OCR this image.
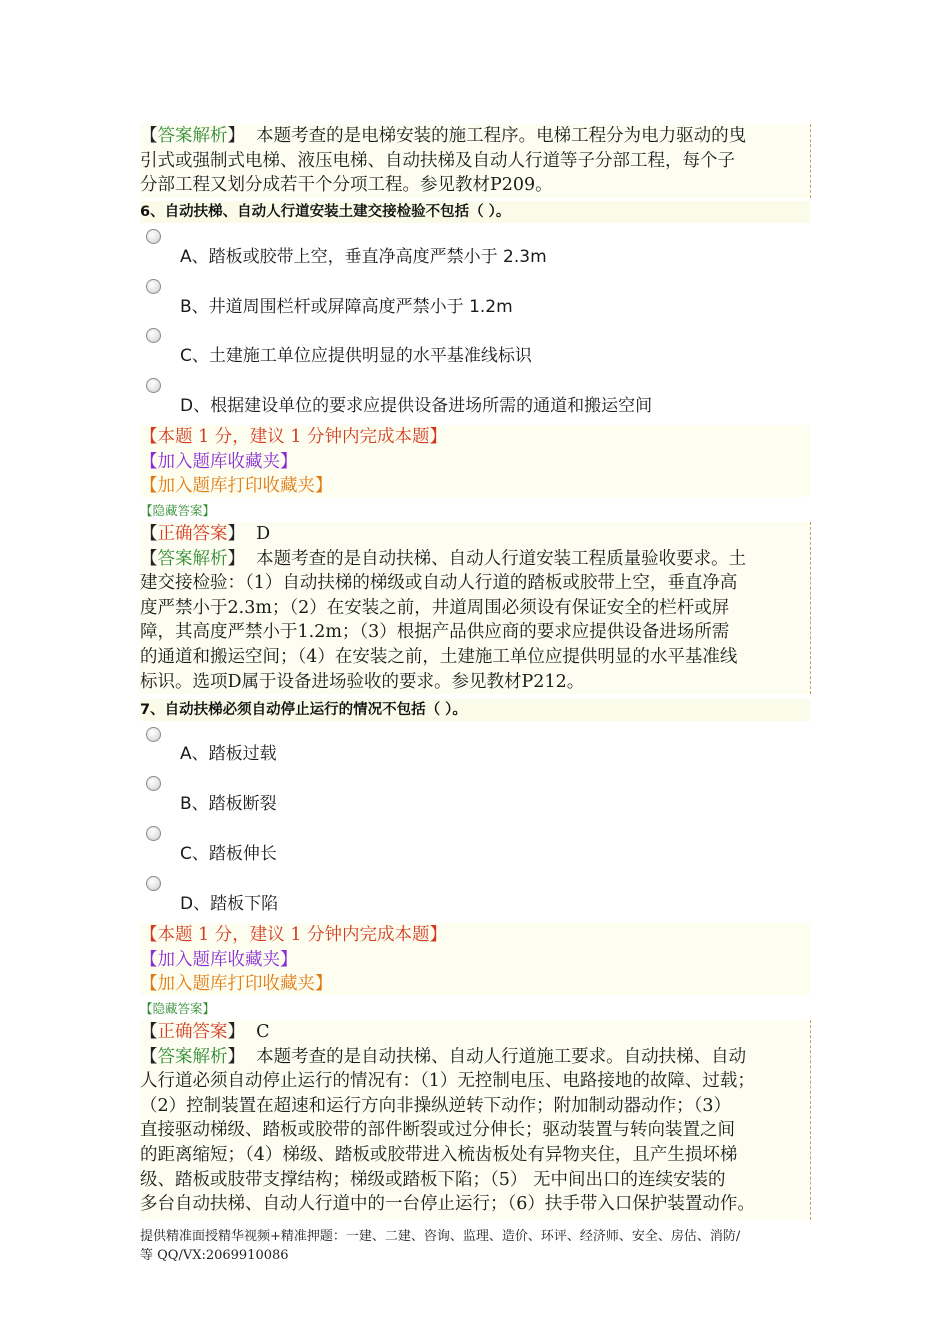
【答案解析】 本题考查的是电梯安装的施工程序。电梯工程分为电力驱动的曳
引式或强制式电梯、液压电梯、自动扶梯及自动人行道等子分部工程，每个子
分部工程又划分成若干个分项工程。参见教材P209。
6、自动扶梯、自动人行道安装土建交接检验不包括（ ）。
A、踏板或胶带上空，垂直净高度严禁小于 2.3m
B、井道周围栏杆或屏障高度严禁小于 1.2m
C、土建施工单位应提供明显的水平基准线标识
D、根据建设单位的要求应提供设备进场所需的通道和搬运空间
【本题 1 分，建议 1 分钟内完成本题】
【加入题库收藏夹】
【加入题库打印收藏夹】
【隐藏答案】
【正确答案】 D
【答案解析】 本题考查的是自动扶梯、自动人行道安装工程质量验收要求。土
建交接检验：（1）自动扶梯的梯级或自动人行道的踏板或胶带上空，垂直净高
度严禁小于2.3m；（2）在安装之前，井道周围必须设有保证安全的栏杆或屏
障，其高度严禁小于1.2m；（3）根据产品供应商的要求应提供设备进场所需
的通道和搬运空间；（4）在安装之前，土建施工单位应提供明显的水平基准线
标识。选项D属于设备进场验收的要求。参见教材P212。
7、自动扶梯必须自动停止运行的情况不包括（ ）。
A、踏板过载
B、踏板断裂
C、踏板伸长
D、踏板下陷
【本题 1 分，建议 1 分钟内完成本题】
【加入题库收藏夹】
【加入题库打印收藏夹】
【隐藏答案】
【正确答案】 C
【答案解析】 本题考查的是自动扶梯、自动人行道施工要求。自动扶梯、自动
人行道必须自动停止运行的情况有：（1）无控制电压、电路接地的故障、过载；
（2）控制装置在超速和运行方向非操纵逆转下动作；附加制动器动作；（3）
直接驱动梯级、踏板或胶带的部件断裂或过分伸长；驱动装置与转向装置之间
的距离缩短；（4）梯级、踏板或胶带进入梳齿板处有异物夹住，且产生损坏梯
级、踏板或肢带支撑结构；梯级或踏板下陷；（5） 无中间出口的连续安装的
多台自动扶梯、自动人行道中的一台停止运行；（6）扶手带入口保护装置动作。
提供精准面授精华视频+精准押题：一建、二建、咨询、监理、造价、环评、经济师、安全、房估、消防/
等 QQ/VX:2069910086
